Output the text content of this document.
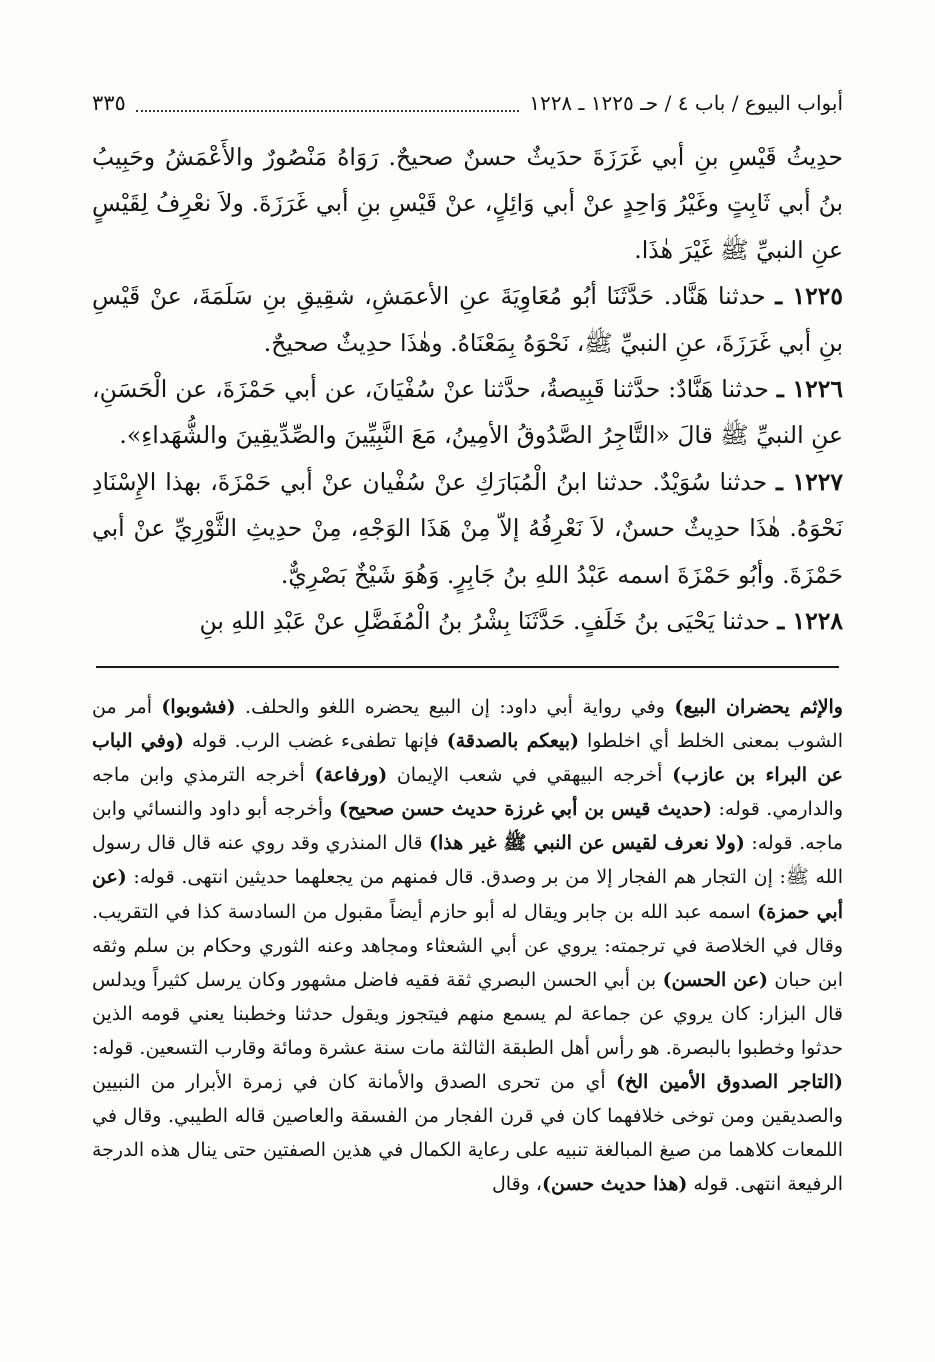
أبواب البيوع / باب ٤ / حـ ١٢٢٥ ـ ١٢٢٨
٣٣٥

حدِيثُ قَيْسِ بنِ أبي غَرَزَةَ حدَيثٌ حسنٌ صحيحٌ. رَوَاهُ مَنْصُورٌ والأَعْمَشُ وحَبِيبُ بنُ أبي ثَابِتٍ وغَيْرُ وَاحِدٍ عنْ أبي وَائِلٍ، عنْ قَيْسِ بنِ أبي غَرَزَةَ. ولاَ نعْرِفُ لِقَيْسٍ عنِ النبيِّ ﷺ غَيْرَ هٰذَا.

١٢٢٥ ـ حدثنا هَنَّاد. حَدَّثَنَا أبُو مُعَاوِيَةَ عنِ الأعمَشِ، شقِيقِ بنِ سَلَمَةَ، عنْ قَيْسِ بنِ أبي غَرَزَةَ، عنِ النبيِّ ﷺ، نَحْوَهُ بِمَعْنَاهُ. وهٰذَا حدِيثٌ صحيحٌ.

١٢٢٦ ـ حدثنا هَنَّادٌ: حدَّثنا قَبِيصةُ، حدَّثنا عنْ سُفْيَانَ، عن أبي حَمْزَةَ، عن الْحَسَنِ، عنِ النبيِّ ﷺ قالَ «التَّاجِرُ الصَّدُوقُ الأمِينُ، مَعَ النَّبِيِّينَ والصِّدِّيقِينَ والشُّهَداءِ».

١٢٢٧ ـ حدثنا سُوَيْدٌ. حدثنا ابنُ الْمُبَارَكِ عنْ سُفْيان عنْ أبي حَمْزَةَ، بهذا الإِسْنَادِ نَحْوَهُ. هٰذَا حدِيثٌ حسنٌ، لاَ نَعْرِفُهُ إلاّ مِنْ هَذَا الوَجْهِ، مِنْ حدِيثِ الثَّوْرِيِّ عنْ أبي حَمْزَةَ. وأبُو حَمْزَةَ اسمه عَبْدُ اللهِ بنُ جَابِرٍ. وَهُوَ شَيْخٌ بَصْرِيٌّ.

١٢٢٨ ـ حدثنا يَحْيَى بنُ خَلَفٍ. حَدَّثَنَا بِشْرُ بنُ الْمُفَضَّلِ عنْ عَبْدِ اللهِ بنِ

والإثم يحضران البيع) وفي رواية أبي داود: إن البيع يحضره اللغو والحلف. (فشوبوا) أمر من الشوب بمعنى الخلط أي اخلطوا (بيعكم بالصدقة) فإنها تطفىء غضب الرب. قوله (وفي الباب عن البراء بن عازب) أخرجه البيهقي في شعب الإيمان (ورفاعة) أخرجه الترمذي وابن ماجه والدارمي. قوله: (حديث قيس بن أبي غرزة حديث حسن صحيح) وأخرجه أبو داود والنسائي وابن ماجه. قوله: (ولا نعرف لقيس عن النبي ﷺ غير هذا) قال المنذري وقد روي عنه قال قال رسول الله ﷺ: إن التجار هم الفجار إلا من بر وصدق. قال فمنهم من يجعلهما حديثين انتهى. قوله: (عن أبي حمزة) اسمه عبد الله بن جابر ويقال له أبو حازم أيضاً مقبول من السادسة كذا في التقريب. وقال في الخلاصة في ترجمته: يروي عن أبي الشعثاء ومجاهد وعنه الثوري وحكام بن سلم وثقه ابن حبان (عن الحسن) بن أبي الحسن البصري ثقة فقيه فاضل مشهور وكان يرسل كثيراً ويدلس قال البزار: كان يروي عن جماعة لم يسمع منهم فيتجوز ويقول حدثنا وخطبنا يعني قومه الذين حدثوا وخطبوا بالبصرة. هو رأس أهل الطبقة الثالثة مات سنة عشرة ومائة وقارب التسعين. قوله: (التاجر الصدوق الأمين الخ) أي من تحرى الصدق والأمانة كان في زمرة الأبرار من النبيين والصديقين ومن توخى خلافهما كان في قرن الفجار من الفسقة والعاصين قاله الطيبي. وقال في اللمعات كلاهما من صيغ المبالغة تنبيه على رعاية الكمال في هذين الصفتين حتى ينال هذه الدرجة الرفيعة انتهى. قوله (هذا حديث حسن)، وقال
